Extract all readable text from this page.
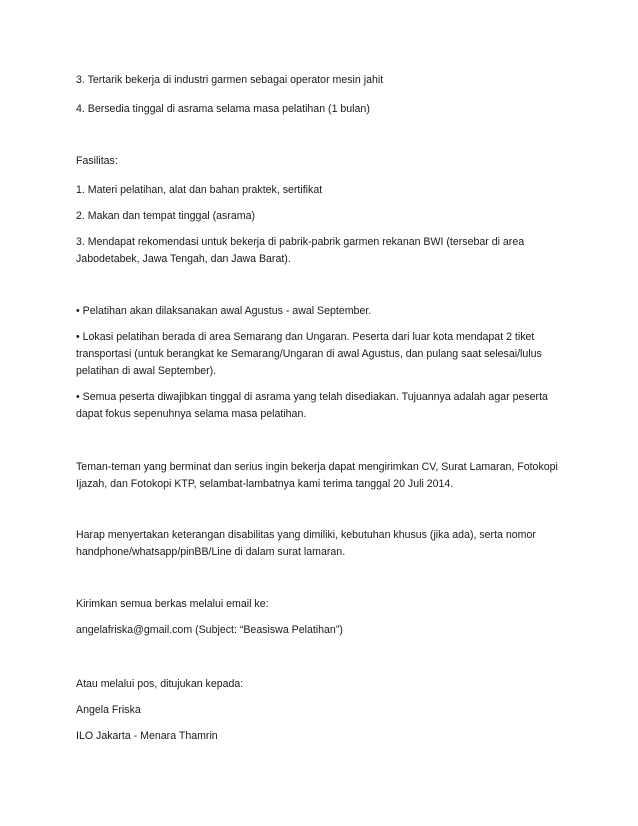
3. Tertarik bekerja di industri garmen sebagai operator mesin jahit

4. Bersedia tinggal di asrama selama masa pelatihan (1 bulan)

Fasilitas:

1. Materi pelatihan, alat dan bahan praktek, sertifikat

2. Makan dan tempat tinggal (asrama)

3. Mendapat rekomendasi untuk bekerja di pabrik-pabrik garmen rekanan BWI (tersebar di area

Jabodetabek, Jawa Tengah, dan Jawa Barat).

• Pelatihan akan dilaksanakan awal Agustus - awal September.

• Lokasi pelatihan berada di area Semarang dan Ungaran. Peserta dari luar kota mendapat 2 tiket

transportasi (untuk berangkat ke Semarang/Ungaran di awal Agustus, dan pulang saat selesai/lulus

pelatihan di awal September).

• Semua peserta diwajibkan tinggal di asrama yang telah disediakan. Tujuannya adalah agar peserta

dapat fokus sepenuhnya selama masa pelatihan.

Teman-teman yang berminat dan serius ingin bekerja dapat mengirimkan CV, Surat Lamaran, Fotokopi

Ijazah, dan Fotokopi KTP, selambat-lambatnya kami terima tanggal 20 Juli 2014.

Harap menyertakan keterangan disabilitas yang dimiliki, kebutuhan khusus (jika ada), serta nomor

handphone/whatsapp/pinBB/Line di dalam surat lamaran.

Kirimkan semua berkas melalui email ke:

angelafriska@gmail.com (Subject: “Beasiswa Pelatihan”)

Atau melalui pos, ditujukan kepada:

Angela Friska

ILO Jakarta - Menara Thamrin
